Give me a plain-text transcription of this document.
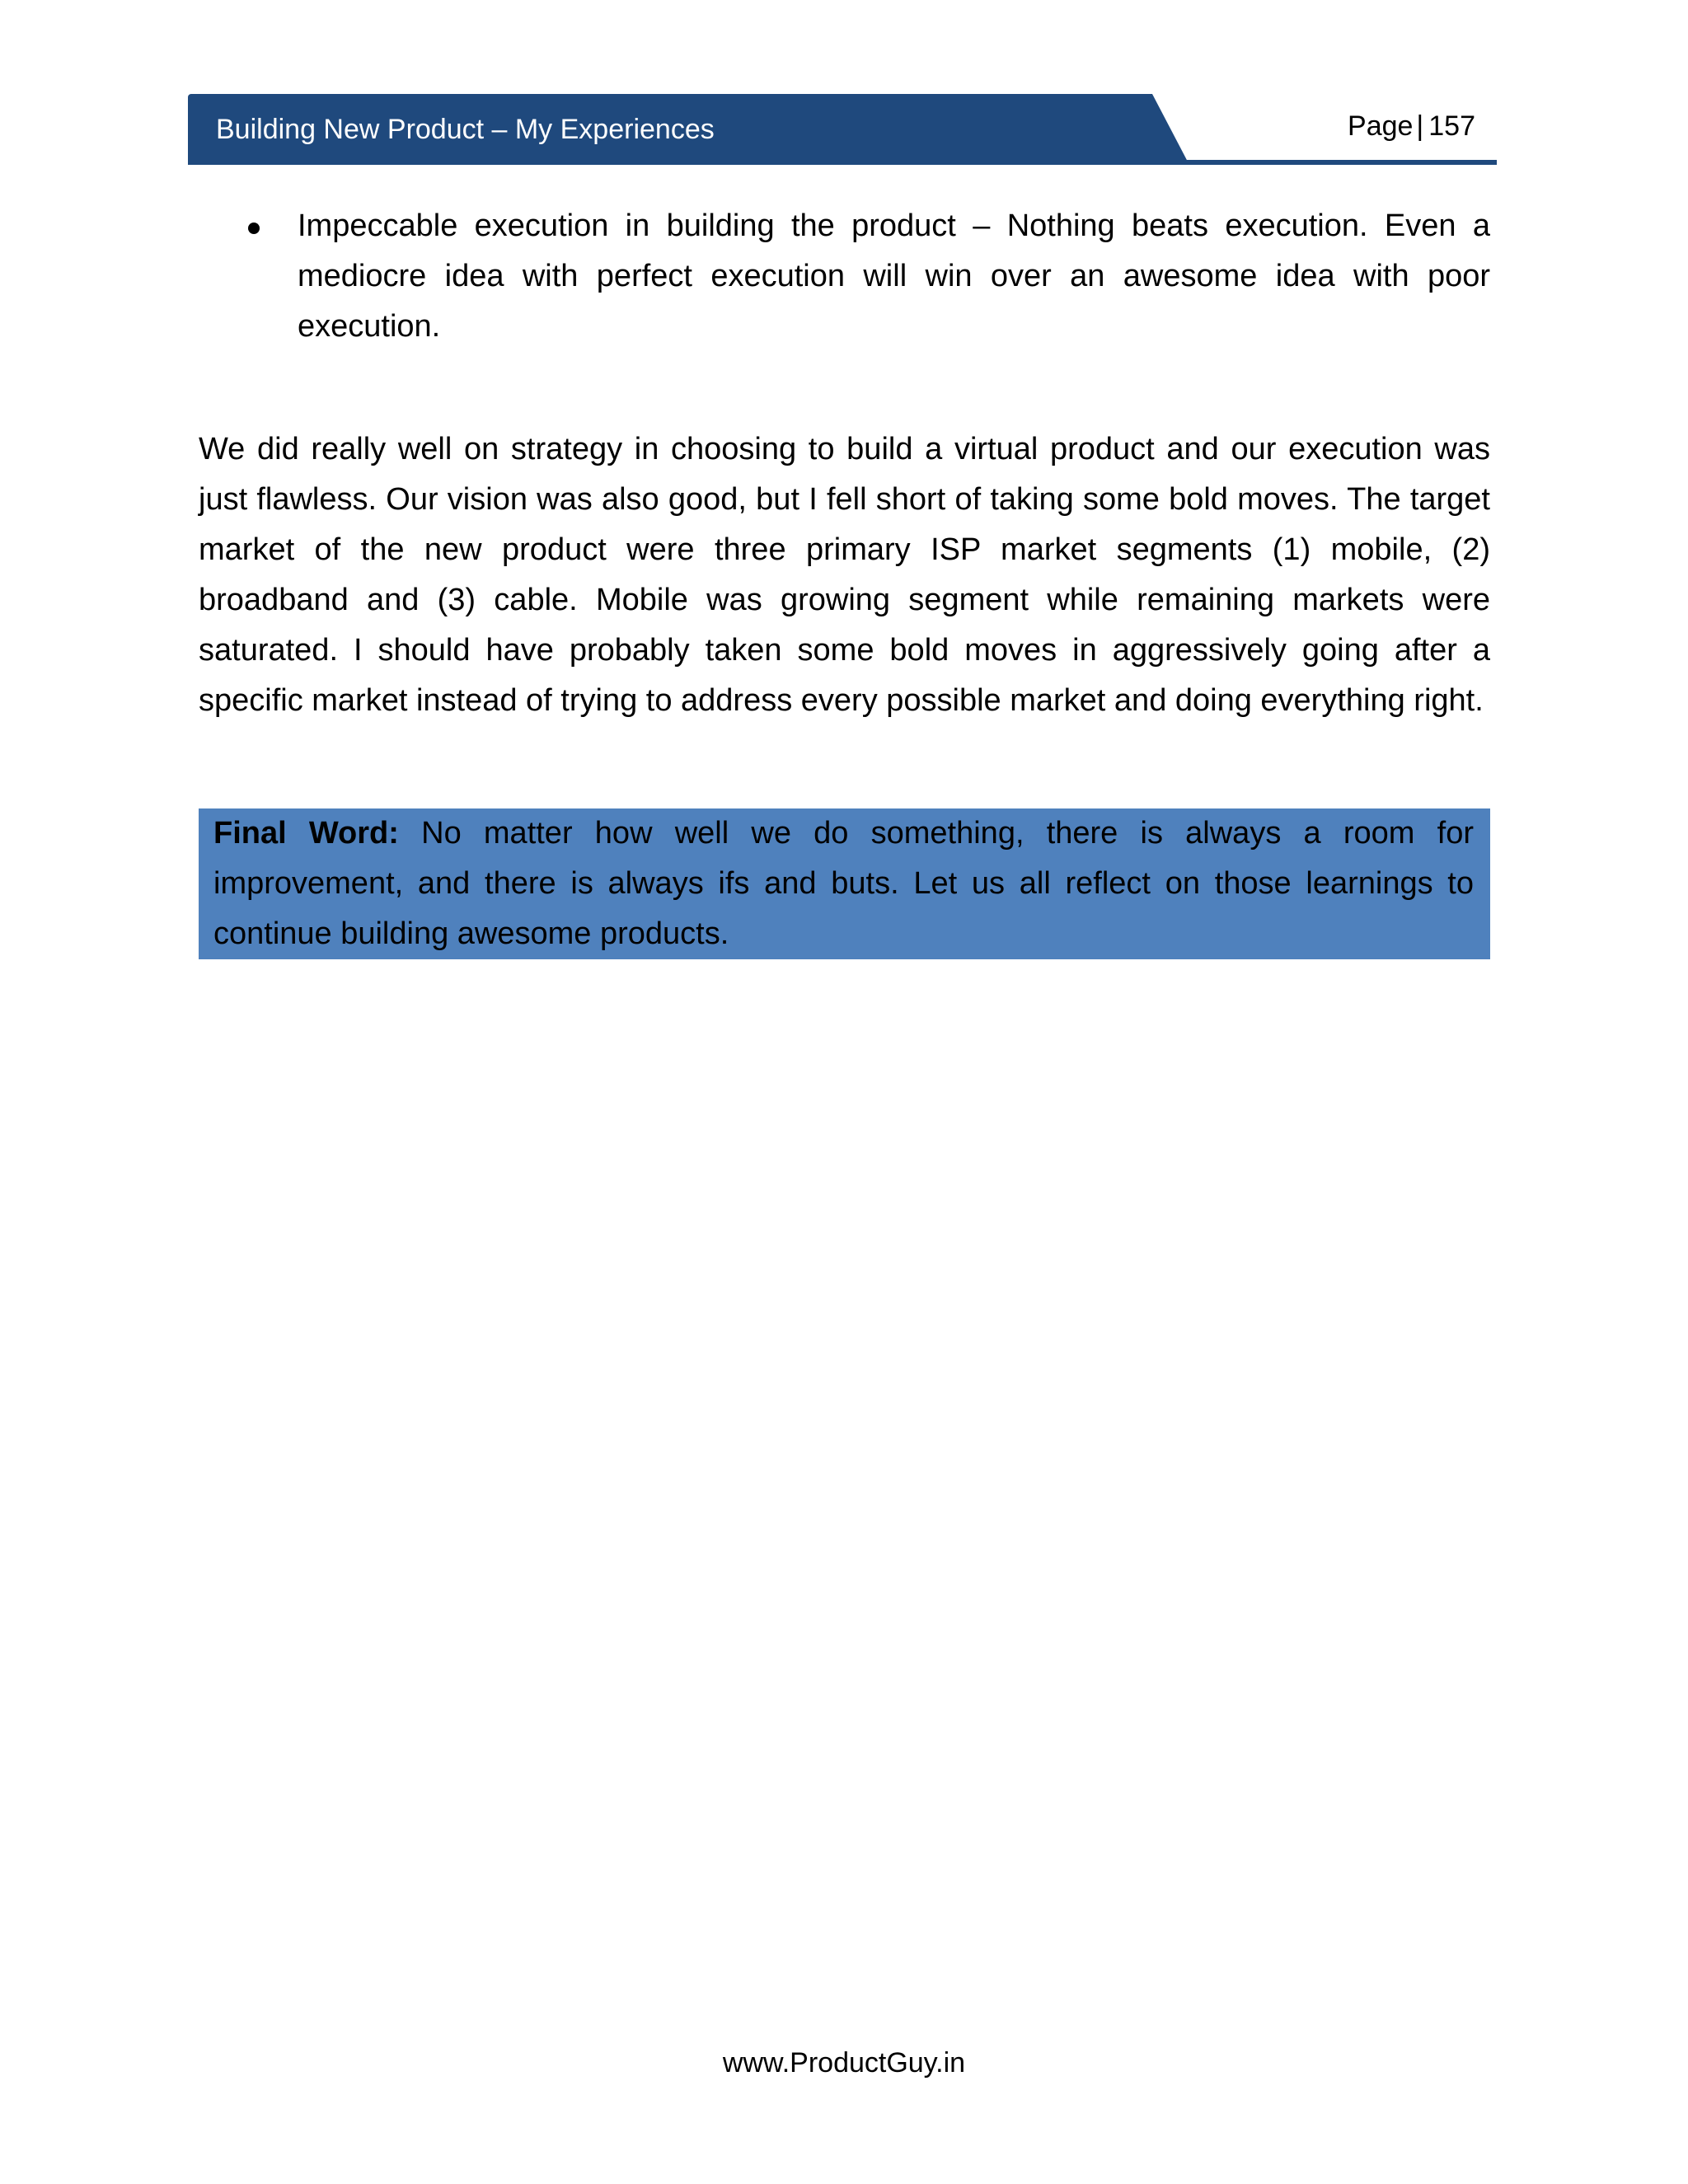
Building New Product – My Experiences	Page | 157
Impeccable execution in building the product – Nothing beats execution. Even a mediocre idea with perfect execution will win over an awesome idea with poor execution.

We did really well on strategy in choosing to build a virtual product and our execution was just flawless. Our vision was also good, but I fell short of taking some bold moves. The target market of the new product were three primary ISP market segments (1) mobile, (2) broadband and (3) cable. Mobile was growing segment while remaining markets were saturated. I should have probably taken some bold moves in aggressively going after a specific market instead of trying to address every possible market and doing everything right.

Final Word: No matter how well we do something, there is always a room for improvement, and there is always ifs and buts. Let us all reflect on those learnings to continue building awesome products.
www.ProductGuy.in
